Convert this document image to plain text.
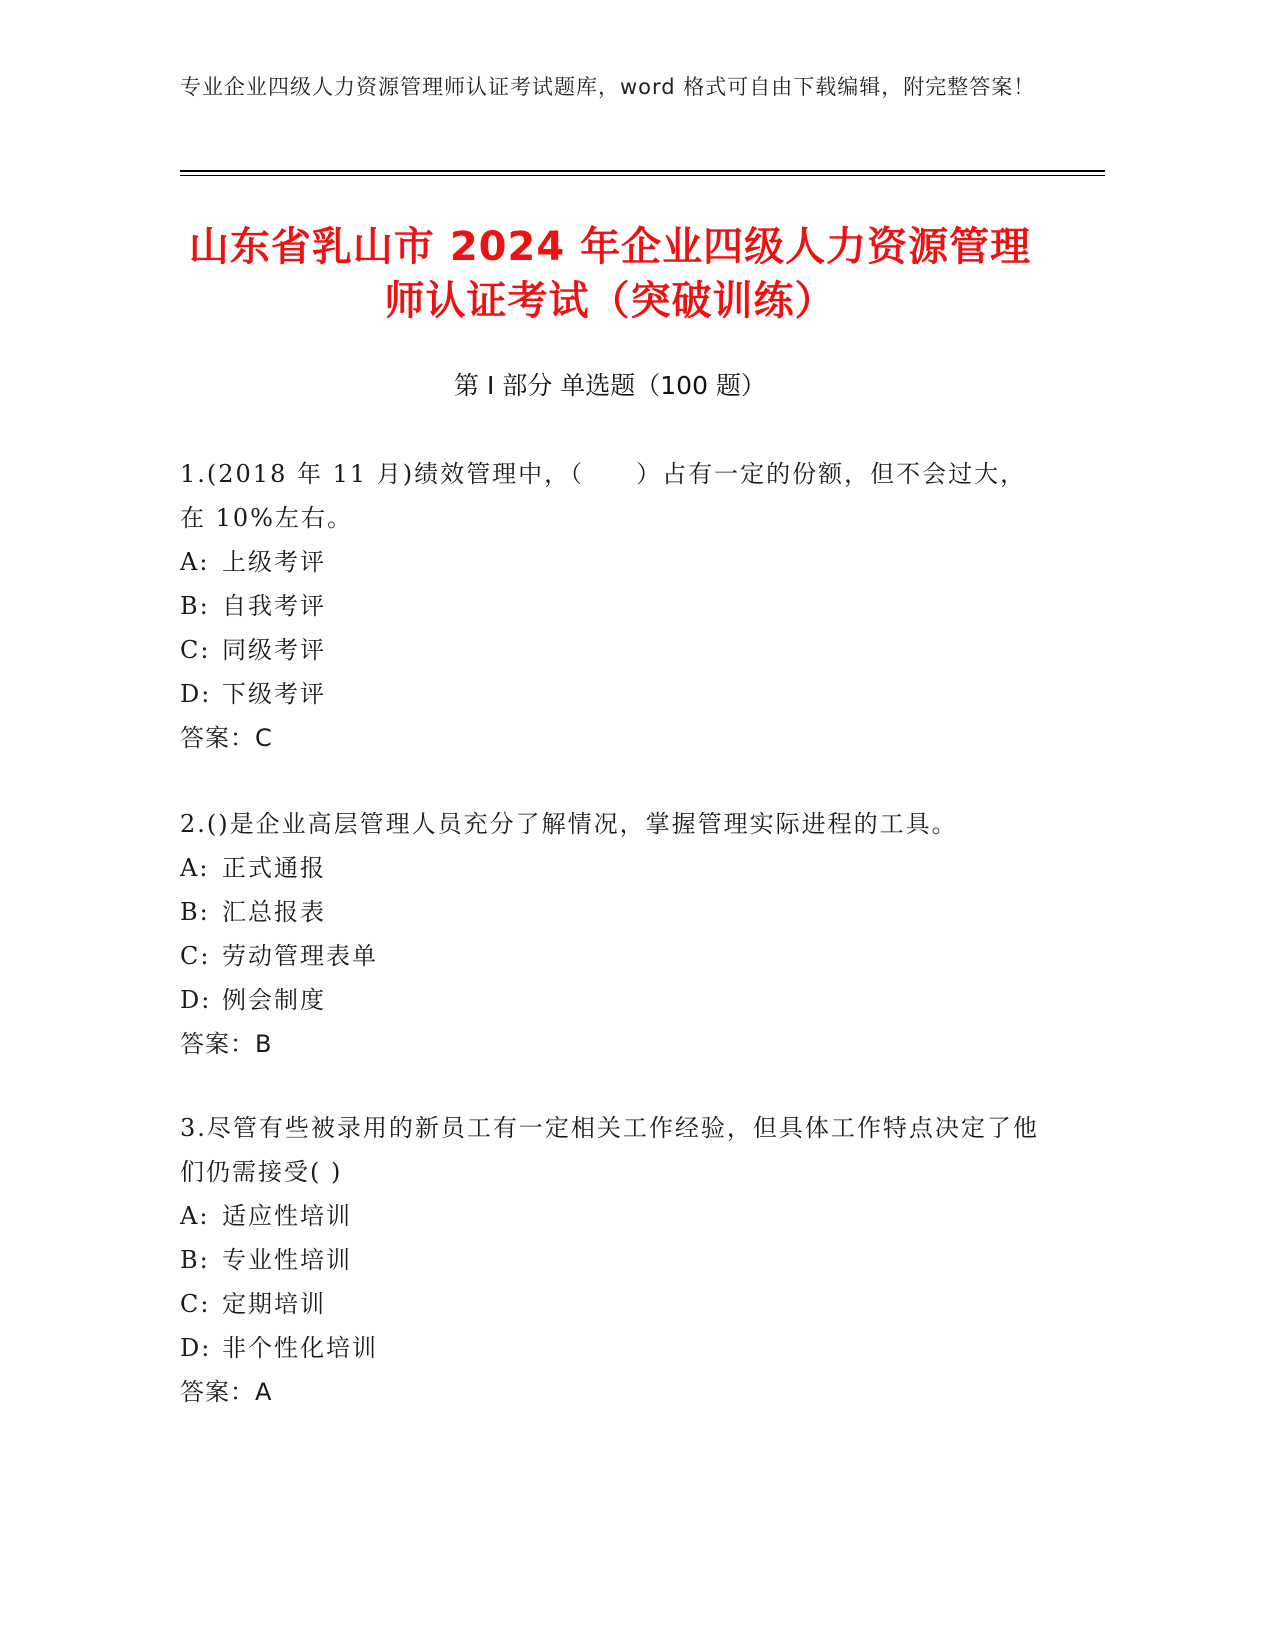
专业企业四级人力资源管理师认证考试题库，word 格式可自由下载编辑，附完整答案！
山东省乳山市 2024 年企业四级人力资源管理
师认证考试（突破训练）
第 I 部分 单选题（100 题）

1.(2018 年 11 月)绩效管理中，（　　）占有一定的份额，但不会过大，在 10%左右。

A: 上级考评

B: 自我考评

C: 同级考评

D: 下级考评

答案：C

2.()是企业高层管理人员充分了解情况，掌握管理实际进程的工具。

A: 正式通报

B: 汇总报表

C: 劳动管理表单

D: 例会制度

答案：B

3.尽管有些被录用的新员工有一定相关工作经验，但具体工作特点决定了他们仍需接受( )

A: 适应性培训

B: 专业性培训

C: 定期培训

D: 非个性化培训

答案：A
